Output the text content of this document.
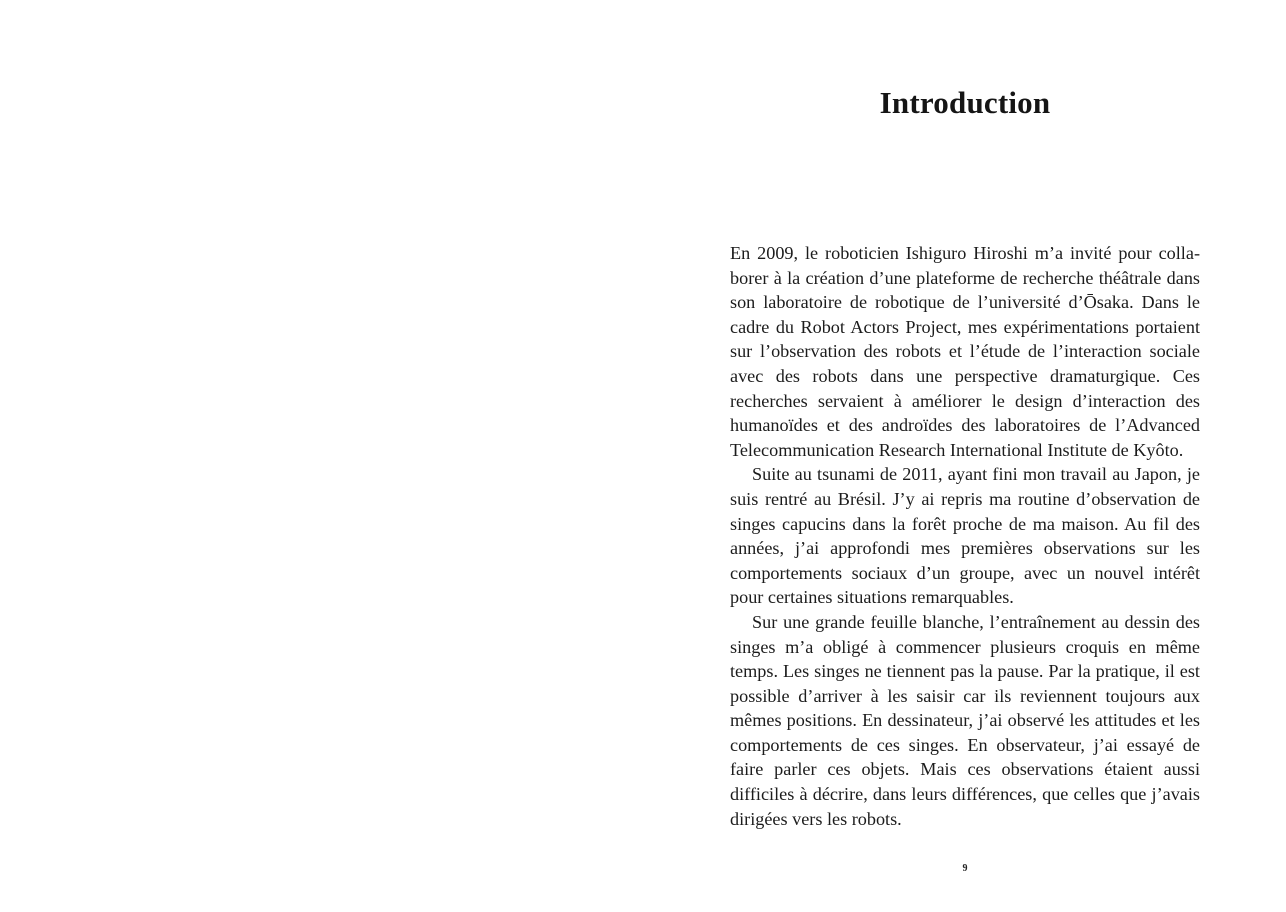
Introduction

En 2009, le roboticien Ishiguro Hiroshi m’a invité pour collaborer à la création d’une plateforme de recherche théâtrale dans son laboratoire de robotique de l’université d’Ōsaka. Dans le cadre du Robot Actors Project, mes expérimentations portaient sur l’observation des robots et l’étude de l’interaction sociale avec des robots dans une perspective dramaturgique. Ces recherches servaient à améliorer le design d’interaction des humanoïdes et des androïdes des laboratoires de l’Advanced Telecommunication Research International Institute de Kyôto.

Suite au tsunami de 2011, ayant fini mon travail au Japon, je suis rentré au Brésil. J’y ai repris ma routine d’observation de singes capucins dans la forêt proche de ma maison. Au fil des années, j’ai approfondi mes premières observations sur les comportements sociaux d’un groupe, avec un nouvel intérêt pour certaines situations remarquables.

Sur une grande feuille blanche, l’entraînement au dessin des singes m’a obligé à commencer plusieurs croquis en même temps. Les singes ne tiennent pas la pause. Par la pratique, il est possible d’arriver à les saisir car ils reviennent toujours aux mêmes positions. En dessinateur, j’ai observé les attitudes et les comportements de ces singes. En observateur, j’ai essayé de faire parler ces objets. Mais ces observations étaient aussi difficiles à décrire, dans leurs différences, que celles que j’avais dirigées vers les robots.

9
